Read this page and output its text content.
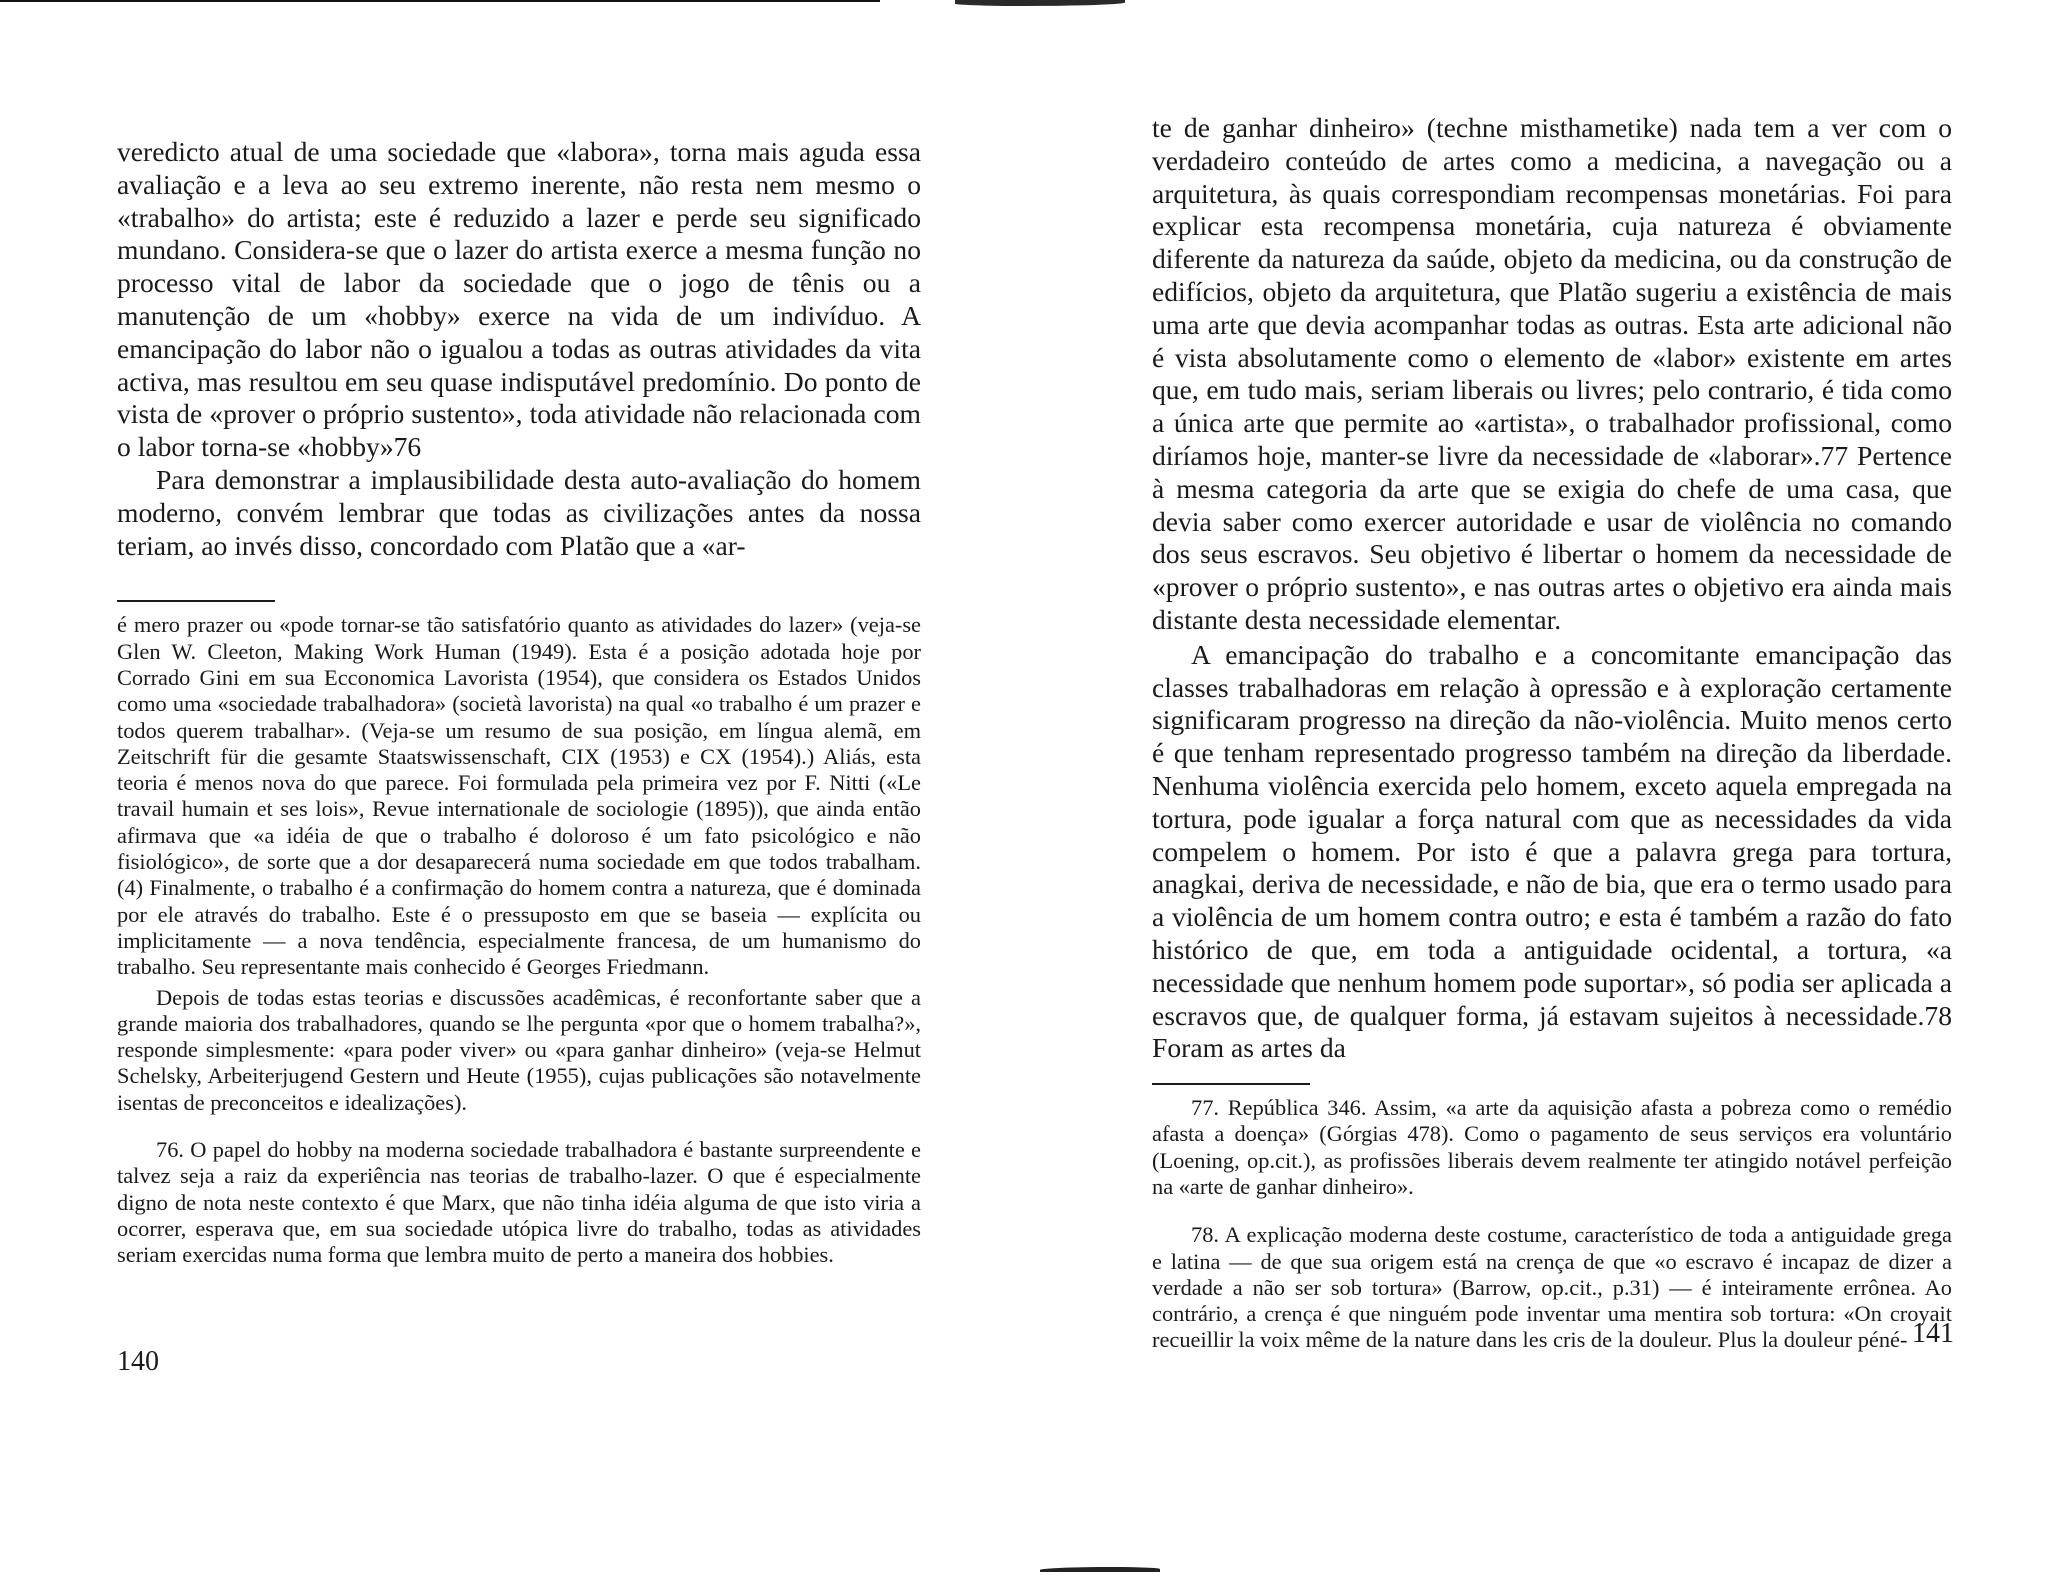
veredicto atual de uma sociedade que «labora», torna mais aguda essa avaliação e a leva ao seu extremo inerente, não resta nem mesmo o «trabalho» do artista; este é reduzido a lazer e perde seu significado mundano. Considera-se que o lazer do artista exerce a mesma função no processo vital de labor da sociedade que o jogo de tênis ou a manutenção de um «hobby» exerce na vida de um indivíduo. A emancipação do labor não o igualou a todas as outras atividades da vita activa, mas resultou em seu quase indisputável predomínio. Do ponto de vista de «prover o próprio sustento», toda atividade não relacionada com o labor torna-se «hobby»76

Para demonstrar a implausibilidade desta auto-avaliação do homem moderno, convém lembrar que todas as civilizações antes da nossa teriam, ao invés disso, concordado com Platão que a «ar-

é mero prazer ou «pode tornar-se tão satisfatório quanto as atividades do lazer» (veja-se Glen W. Cleeton, Making Work Human (1949). Esta é a posição adotada hoje por Corrado Gini em sua Ecconomica Lavorista (1954), que considera os Estados Unidos como uma «sociedade trabalhadora» (società lavorista) na qual «o trabalho é um prazer e todos querem trabalhar». (Veja-se um resumo de sua posição, em língua alemã, em Zeitschrift für die gesamte Staatswissenschaft, CIX (1953) e CX (1954).) Aliás, esta teoria é menos nova do que parece. Foi formulada pela primeira vez por F. Nitti («Le travail humain et ses lois», Revue internationale de sociologie (1895)), que ainda então afirmava que «a idéia de que o trabalho é doloroso é um fato psicológico e não fisiológico», de sorte que a dor desaparecerá numa sociedade em que todos trabalham. (4) Finalmente, o trabalho é a confirmação do homem contra a natureza, que é dominada por ele através do trabalho. Este é o pressuposto em que se baseia — explícita ou implicitamente — a nova tendência, especialmente francesa, de um humanismo do trabalho. Seu representante mais conhecido é Georges Friedmann.

Depois de todas estas teorias e discussões acadêmicas, é reconfortante saber que a grande maioria dos trabalhadores, quando se lhe pergunta «por que o homem trabalha?», responde simplesmente: «para poder viver» ou «para ganhar dinheiro» (veja-se Helmut Schelsky, Arbeiterjugend Gestern und Heute (1955), cujas publicações são notavelmente isentas de preconceitos e idealizações).

76. O papel do hobby na moderna sociedade trabalhadora é bastante surpreendente e talvez seja a raiz da experiência nas teorias de trabalho-lazer. O que é especialmente digno de nota neste contexto é que Marx, que não tinha idéia alguma de que isto viria a ocorrer, esperava que, em sua sociedade utópica livre do trabalho, todas as atividades seriam exercidas numa forma que lembra muito de perto a maneira dos hobbies.

140

te de ganhar dinheiro» (techne misthametike) nada tem a ver com o verdadeiro conteúdo de artes como a medicina, a navegação ou a arquitetura, às quais correspondiam recompensas monetárias. Foi para explicar esta recompensa monetária, cuja natureza é obviamente diferente da natureza da saúde, objeto da medicina, ou da construção de edifícios, objeto da arquitetura, que Platão sugeriu a existência de mais uma arte que devia acompanhar todas as outras. Esta arte adicional não é vista absolutamente como o elemento de «labor» existente em artes que, em tudo mais, seriam liberais ou livres; pelo contrario, é tida como a única arte que permite ao «artista», o trabalhador profissional, como diríamos hoje, manter-se livre da necessidade de «laborar».77 Pertence à mesma categoria da arte que se exigia do chefe de uma casa, que devia saber como exercer autoridade e usar de violência no comando dos seus escravos. Seu objetivo é libertar o homem da necessidade de «prover o próprio sustento», e nas outras artes o objetivo era ainda mais distante desta necessidade elementar.

A emancipação do trabalho e a concomitante emancipação das classes trabalhadoras em relação à opressão e à exploração certamente significaram progresso na direção da não-violência. Muito menos certo é que tenham representado progresso também na direção da liberdade. Nenhuma violência exercida pelo homem, exceto aquela empregada na tortura, pode igualar a força natural com que as necessidades da vida compelem o homem. Por isto é que a palavra grega para tortura, anagkai, deriva de necessidade, e não de bia, que era o termo usado para a violência de um homem contra outro; e esta é também a razão do fato histórico de que, em toda a antiguidade ocidental, a tortura, «a necessidade que nenhum homem pode suportar», só podia ser aplicada a escravos que, de qualquer forma, já estavam sujeitos à necessidade.78 Foram as artes da

77. República 346. Assim, «a arte da aquisição afasta a pobreza como o remédio afasta a doença» (Górgias 478). Como o pagamento de seus serviços era voluntário (Loening, op.cit.), as profissões liberais devem realmente ter atingido notável perfeição na «arte de ganhar dinheiro».

78. A explicação moderna deste costume, característico de toda a antiguidade grega e latina — de que sua origem está na crença de que «o escravo é incapaz de dizer a verdade a não ser sob tortura» (Barrow, op.cit., p.31) — é inteiramente errônea. Ao contrário, a crença é que ninguém pode inventar uma mentira sob tortura: «On croyait recueillir la voix même de la nature dans les cris de la douleur. Plus la douleur péné- 141
